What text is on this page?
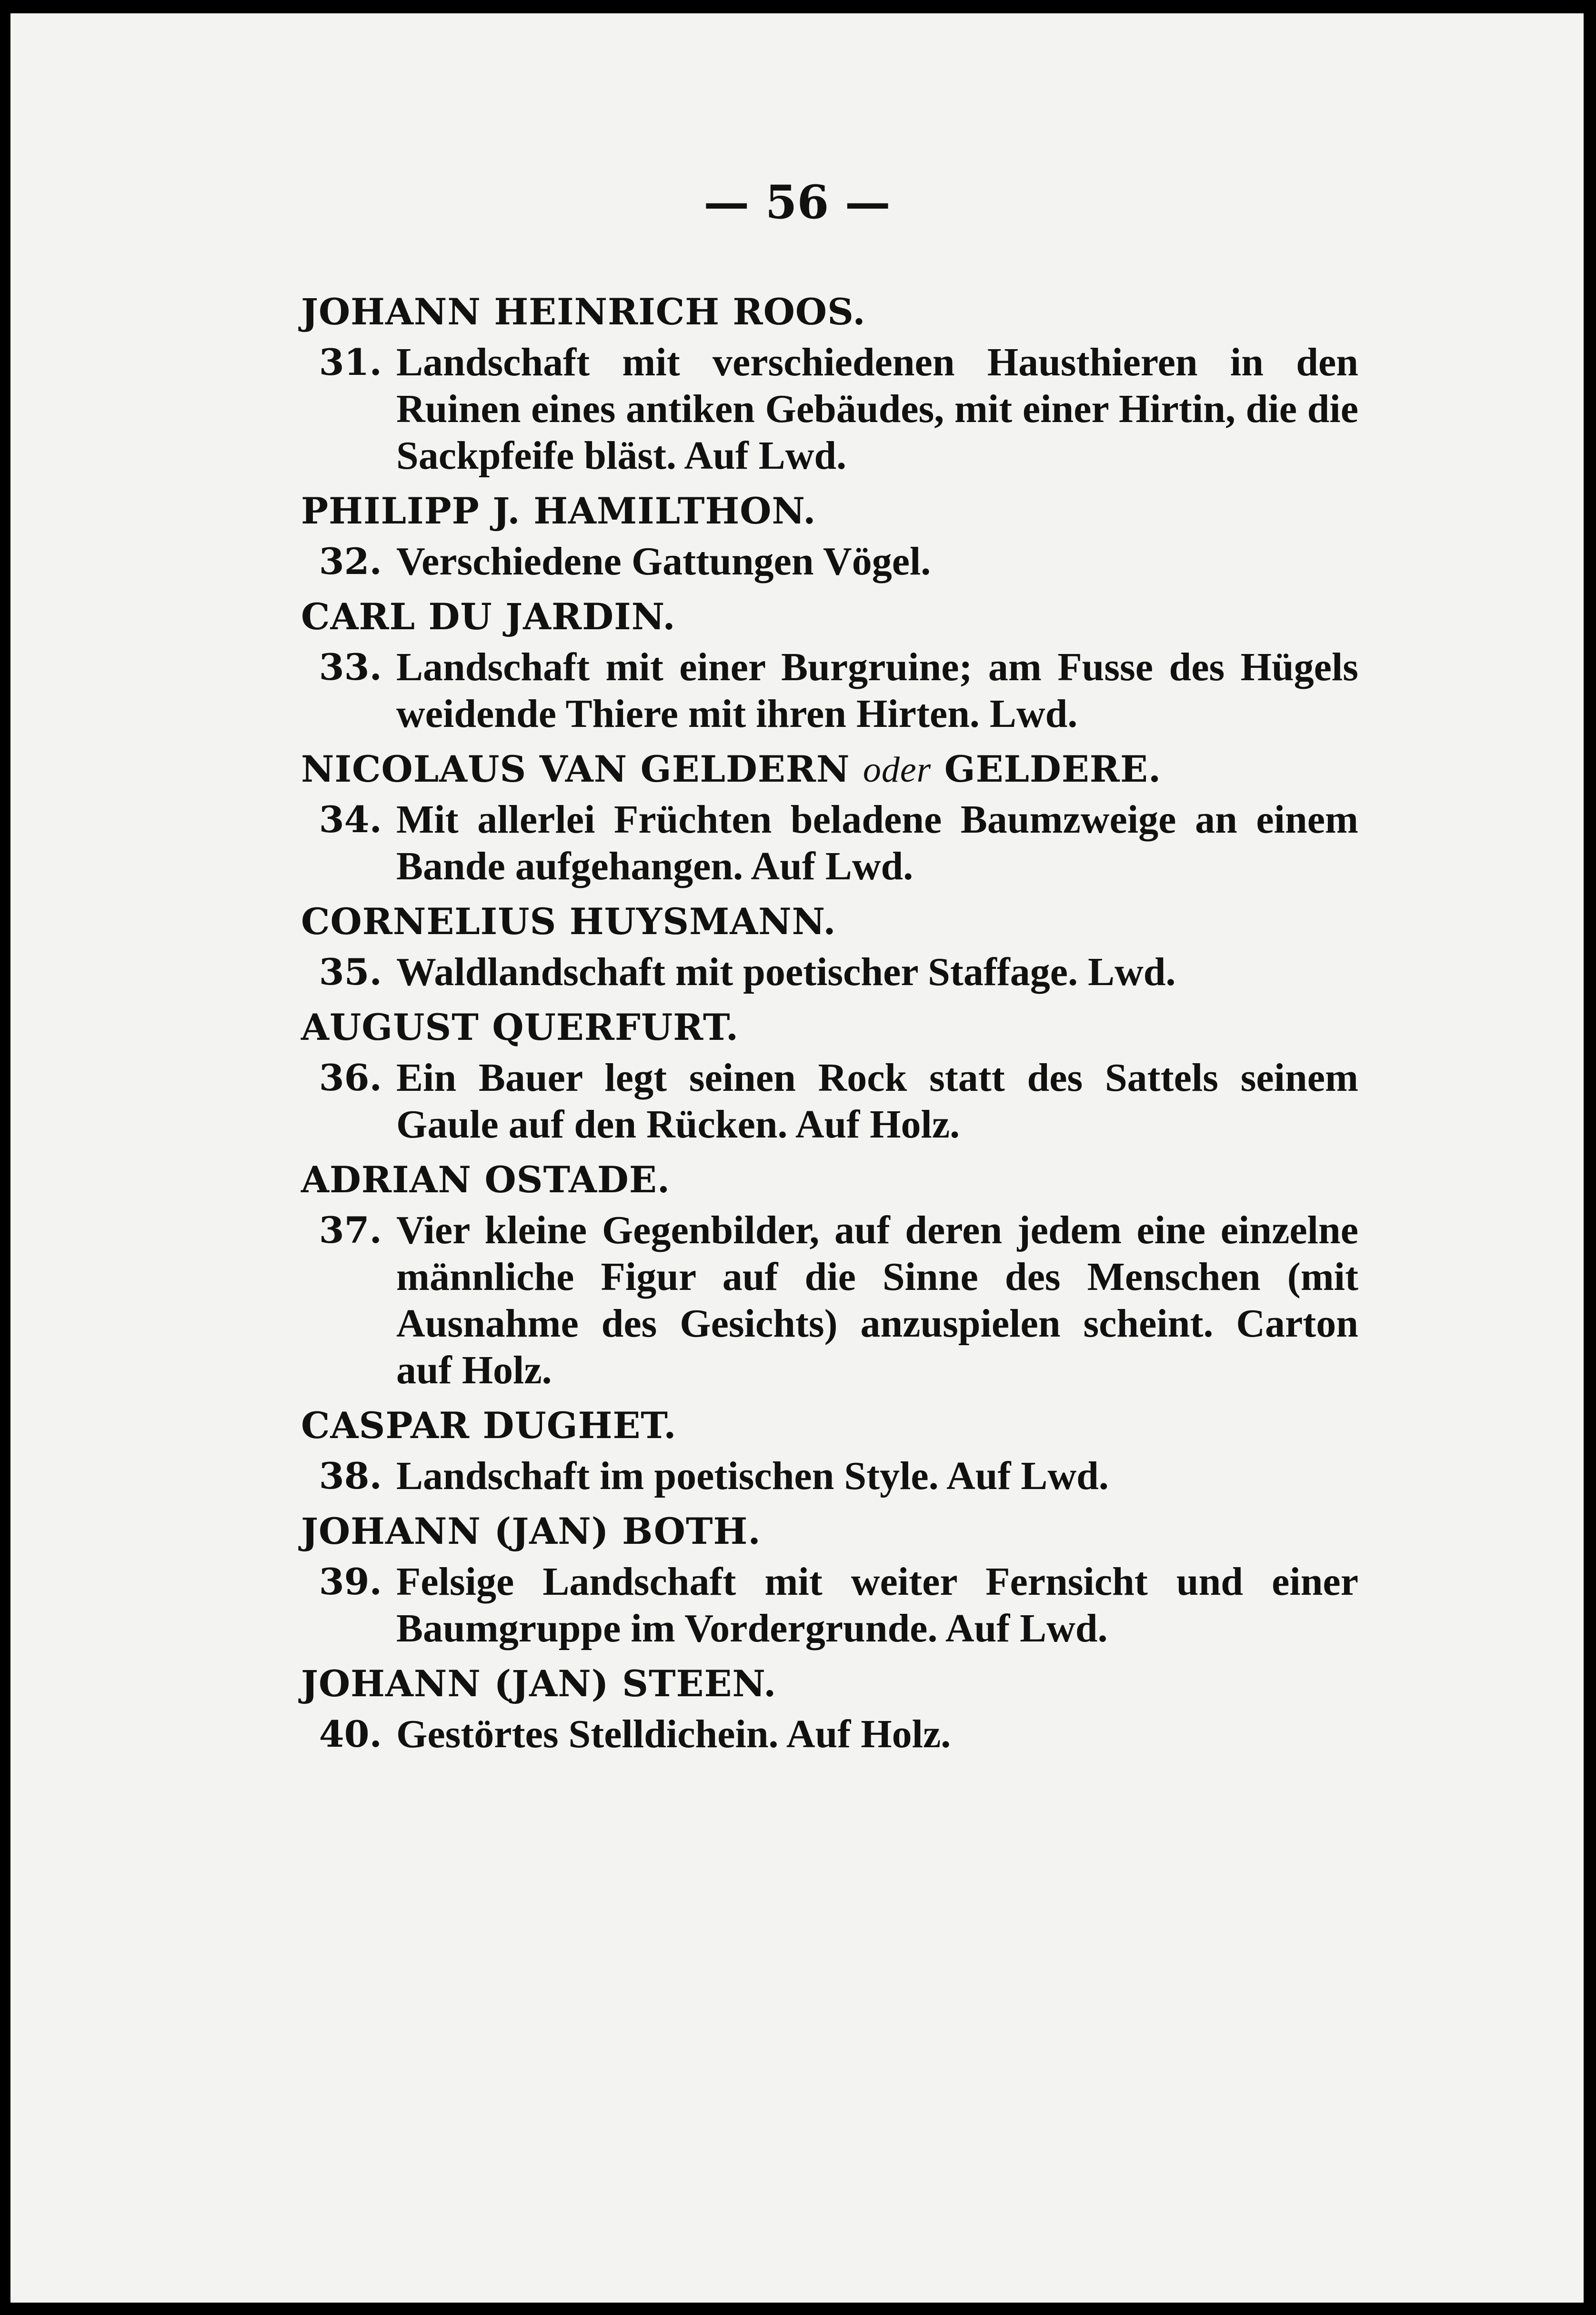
— 56 —
JOHANN HEINRICH ROOS.
31. Landschaft mit verschiedenen Hausthieren in den Ruinen eines antiken Gebäudes, mit einer Hirtin, die die Sackpfeife bläst. Auf Lwd.
PHILIPP J. HAMILTHON.
32. Verschiedene Gattungen Vögel.
CARL DU JARDIN.
33. Landschaft mit einer Burgruine; am Fusse des Hügels weidende Thiere mit ihren Hirten. Lwd.
NICOLAUS VAN GELDERN oder GELDERE.
34. Mit allerlei Früchten beladene Baumzweige an einem Bande aufgehangen. Auf Lwd.
CORNELIUS HUYSMANN.
35. Waldlandschaft mit poetischer Staffage. Lwd.
AUGUST QUERFURT.
36. Ein Bauer legt seinen Rock statt des Sattels seinem Gaule auf den Rücken. Auf Holz.
ADRIAN OSTADE.
37. Vier kleine Gegenbilder, auf deren jedem eine einzelne männliche Figur auf die Sinne des Menschen (mit Ausnahme des Gesichts) anzuspielen scheint. Carton auf Holz.
CASPAR DUGHET.
38. Landschaft im poetischen Style. Auf Lwd.
JOHANN (JAN) BOTH.
39. Felsige Landschaft mit weiter Fernsicht und einer Baumgruppe im Vordergrunde. Auf Lwd.
JOHANN (JAN) STEEN.
40. Gestörtes Stelldichein. Auf Holz.
